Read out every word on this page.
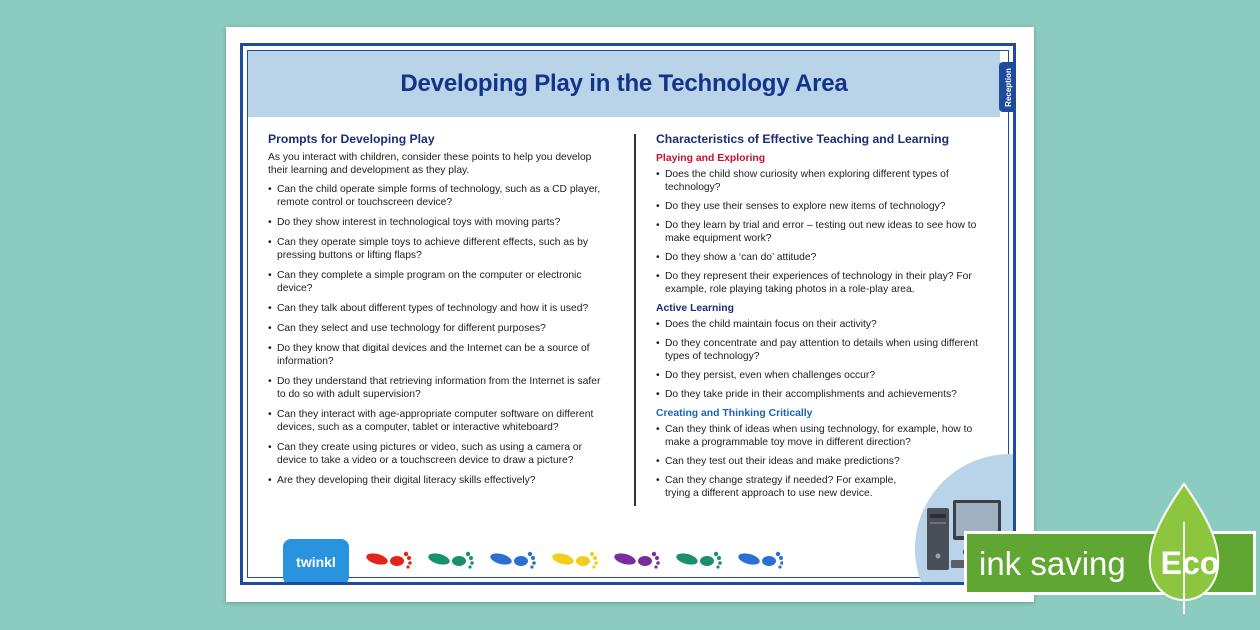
Developing Play in the Technology Area	Reception
Prompts for Developing Play

As you interact with children, consider these points to help you develop their learning and development as they play.

• Can the child operate simple forms of technology, such as a CD player, remote control or touchscreen device?
• Do they show interest in technological toys with moving parts?
• Can they operate simple toys to achieve different effects, such as by pressing buttons or lifting flaps?
• Can they complete a simple program on the computer or electronic device?
• Can they talk about different types of technology and how it is used?
• Can they select and use technology for different purposes?
• Do they know that digital devices and the Internet can be a source of information?
• Do they understand that retrieving information from the Internet is safer to do so with adult supervision?
• Can they interact with age-appropriate computer software on different devices, such as a computer, tablet or interactive whiteboard?
• Can they create using pictures or video, such as using a camera or device to take a video or a touchscreen device to draw a picture?
• Are they developing their digital literacy skills effectively?
Characteristics of Effective Teaching and Learning
Playing and Exploring
• Does the child show curiosity when exploring different types of technology?
• Do they use their senses to explore new items of technology?
• Do they learn by trial and error – testing out new ideas to see how to make equipment work?
• Do they show a ‘can do’ attitude?
• Do they represent their experiences of technology in their play? For example, role playing taking photos in a role-play area.
Active Learning
• Does the child maintain focus on their activity?
• Do they concentrate and pay attention to details when using different types of technology?
• Do they persist, even when challenges occur?
• Do they take pride in their accomplishments and achievements?
Creating and Thinking Critically
• Can they think of ideas when using technology, for example, how to make a programmable toy move in different direction?
• Can they test out their ideas and make predictions?
• Can they change strategy if needed? For example, trying a different approach to use new device.
twinkl	ink saving Eco
